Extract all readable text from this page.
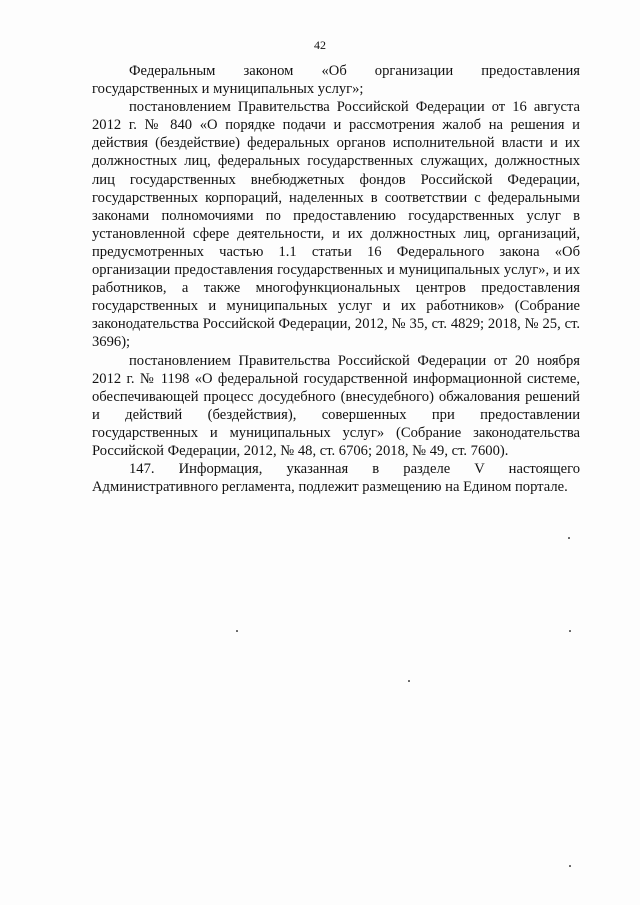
42

Федеральным законом «Об организации предоставления государственных и муниципальных услуг»;

постановлением Правительства Российской Федерации от 16 августа 2012 г. № 840 «О порядке подачи и рассмотрения жалоб на решения и действия (бездействие) федеральных органов исполнительной власти и их должностных лиц, федеральных государственных служащих, должностных лиц государственных внебюджетных фондов Российской Федерации, государственных корпораций, наделенных в соответствии с федеральными законами полномочиями по предоставлению государственных услуг в установленной сфере деятельности, и их должностных лиц, организаций, предусмотренных частью 1.1 статьи 16 Федерального закона «Об организации предоставления государственных и муниципальных услуг», и их работников, а также многофункциональных центров предоставления государственных и муниципальных услуг и их работников» (Собрание законодательства Российской Федерации, 2012, № 35, ст. 4829; 2018, № 25, ст. 3696);

постановлением Правительства Российской Федерации от 20 ноября 2012 г. № 1198 «О федеральной государственной информационной системе, обеспечивающей процесс досудебного (внесудебного) обжалования решений и действий (бездействия), совершенных при предоставлении государственных и муниципальных услуг» (Собрание законодательства Российской Федерации, 2012, № 48, ст. 6706; 2018, № 49, ст. 7600).

147. Информация, указанная в разделе V настоящего Административного регламента, подлежит размещению на Едином портале.
